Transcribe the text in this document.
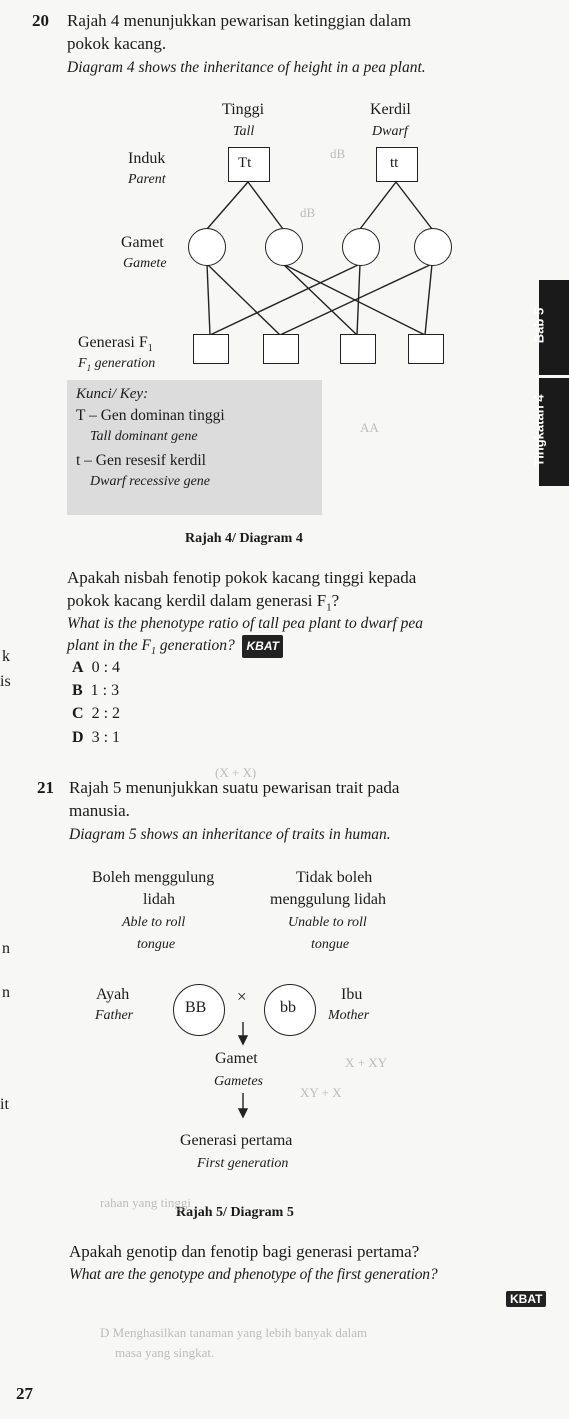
dB
dB
AA
(X + X)
X + XY
XY + X
k
is
n
n
it
20 Rajah 4 menunjukkan pewarisan ketinggian dalam
pokok kacang.
Diagram 4 shows the inheritance of height in a pea plant.
Tinggi
Tall
Kerdil
Dwarf
Induk
Parent
Tt	tt
Gamet
Gamete
Generasi $F_1$
$F_1$ generation
Kunci/ Key:
T – Gen dominan tinggi
Tall dominant gene
t – Gen resesif kerdil
Dwarf recessive gene
Bab 5
Tingkatan 4
Rajah 4/ Diagram 4
Apakah nisbah fenotip pokok kacang tinggi kepada
pokok kacang kerdil dalam generasi $F_1$?
What is the phenotype ratio of tall pea plant to dwarf pea
plant in the $F_1$ generation? KBAT
A 0 : 4
B 1 : 3
C 2 : 2
D 3 : 1
21 Rajah 5 menunjukkan suatu pewarisan trait pada
manusia.
Diagram 5 shows an inheritance of traits in human.
Boleh menggulung
lidah
Able to roll
tongue
Tidak boleh
menggulung lidah
Unable to roll
tongue
Ayah
Father
Ibu
Mother
BB
×
bb
Gamet
Gametes
Generasi pertama
First generation
Rajah 5/ Diagram 5
Apakah genotip dan fenotip bagi generasi pertama?
What are the genotype and phenotype of the first generation?
KBAT
27
rahan yang tinggi
D Menghasilkan tanaman yang lebih banyak dalam
masa yang singkat.
